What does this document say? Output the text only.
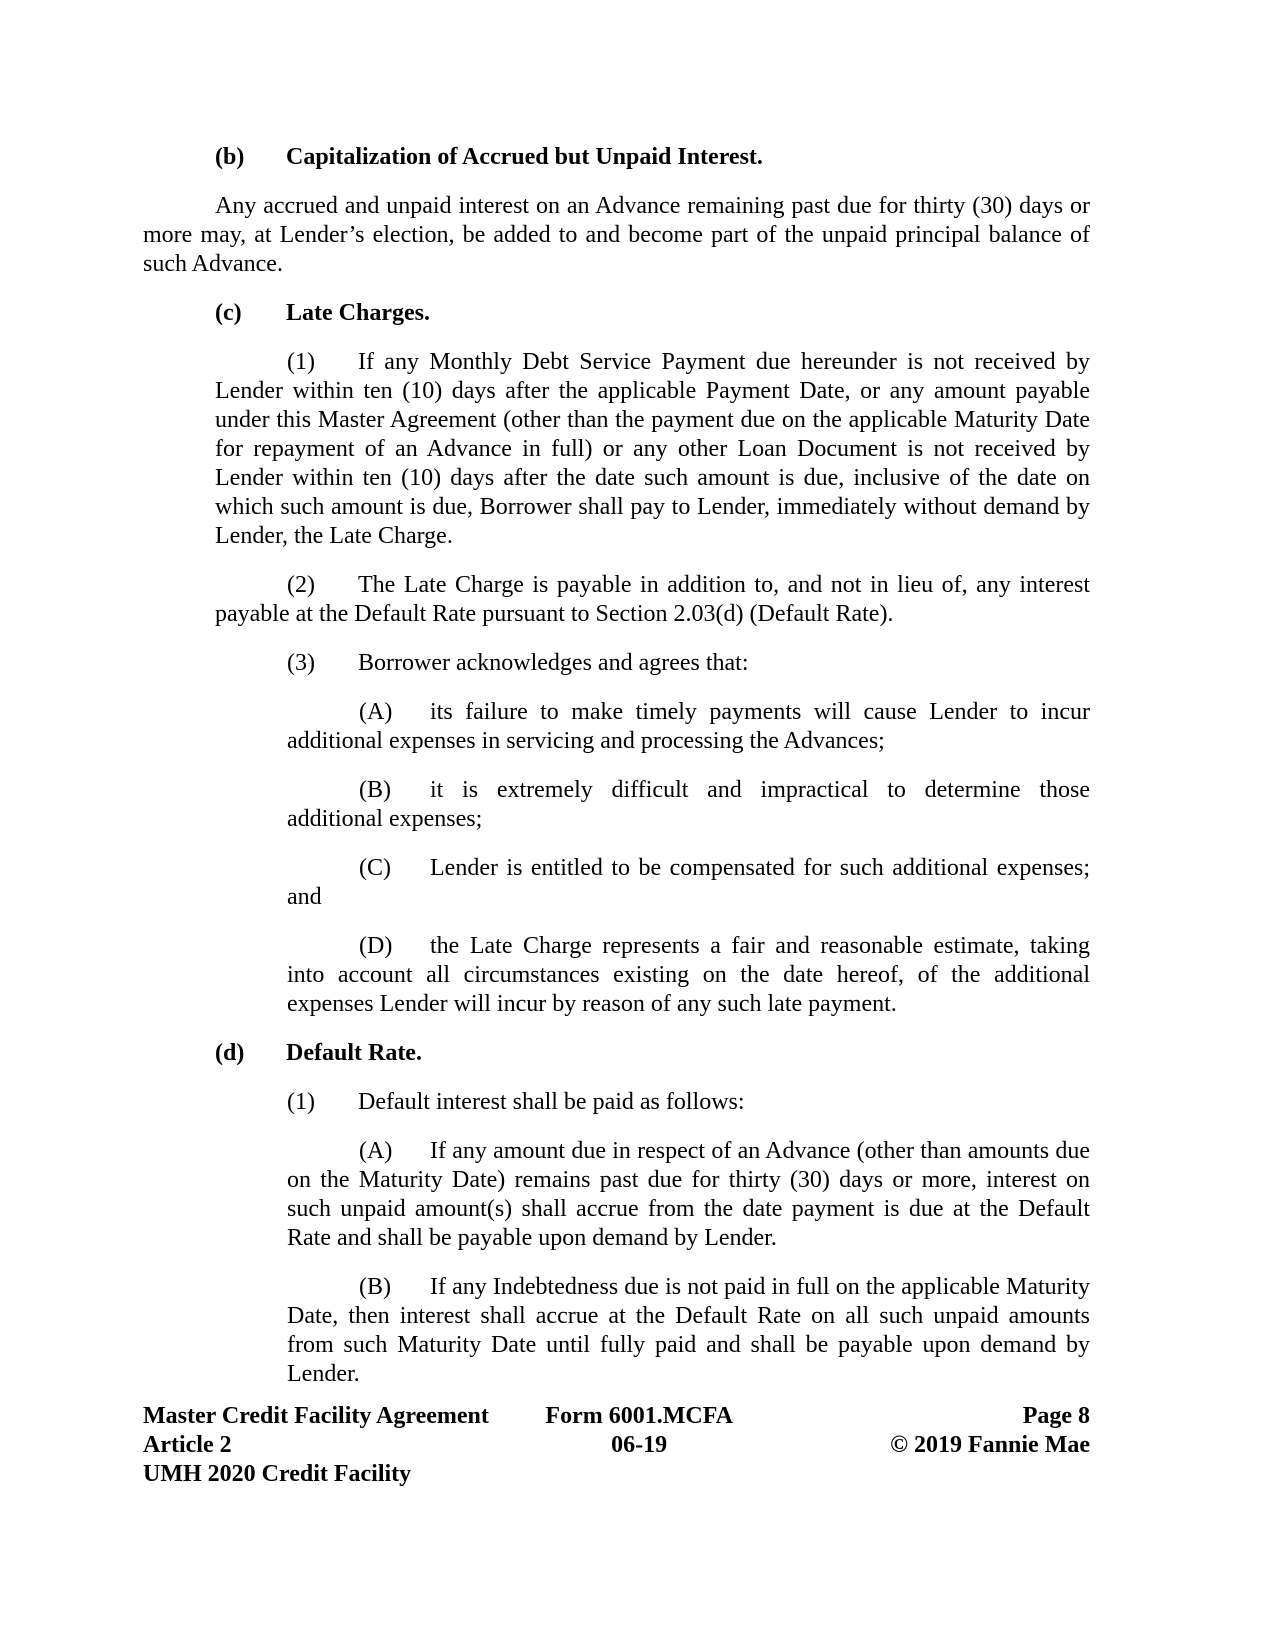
(b) Capitalization of Accrued but Unpaid Interest.
Any accrued and unpaid interest on an Advance remaining past due for thirty (30) days or more may, at Lender’s election, be added to and become part of the unpaid principal balance of such Advance.
(c) Late Charges.
(1) If any Monthly Debt Service Payment due hereunder is not received by Lender within ten (10) days after the applicable Payment Date, or any amount payable under this Master Agreement (other than the payment due on the applicable Maturity Date for repayment of an Advance in full) or any other Loan Document is not received by Lender within ten (10) days after the date such amount is due, inclusive of the date on which such amount is due, Borrower shall pay to Lender, immediately without demand by Lender, the Late Charge.
(2) The Late Charge is payable in addition to, and not in lieu of, any interest payable at the Default Rate pursuant to Section 2.03(d) (Default Rate).
(3) Borrower acknowledges and agrees that:
(A) its failure to make timely payments will cause Lender to incur additional expenses in servicing and processing the Advances;
(B) it is extremely difficult and impractical to determine those additional expenses;
(C) Lender is entitled to be compensated for such additional expenses; and
(D) the Late Charge represents a fair and reasonable estimate, taking into account all circumstances existing on the date hereof, of the additional expenses Lender will incur by reason of any such late payment.
(d) Default Rate.
(1) Default interest shall be paid as follows:
(A) If any amount due in respect of an Advance (other than amounts due on the Maturity Date) remains past due for thirty (30) days or more, interest on such unpaid amount(s) shall accrue from the date payment is due at the Default Rate and shall be payable upon demand by Lender.
(B) If any Indebtedness due is not paid in full on the applicable Maturity Date, then interest shall accrue at the Default Rate on all such unpaid amounts from such Maturity Date until fully paid and shall be payable upon demand by Lender.
Master Credit Facility Agreement
Article 2
UMH 2020 Credit Facility
Form 6001.MCFA
06-19
Page 8
© 2019 Fannie Mae
